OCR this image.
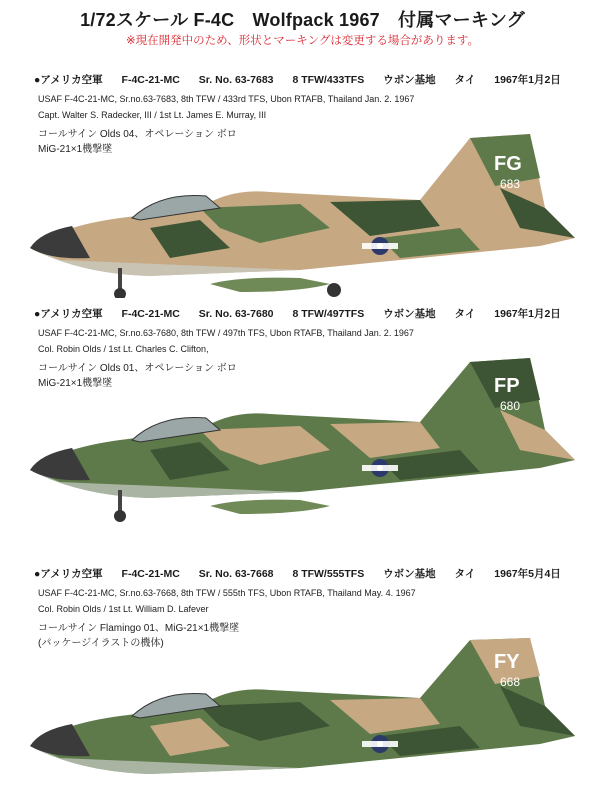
1/72スケール F-4C　Wolfpack 1967　付属マーキング
※現在開発中のため、形状とマーキングは変更する場合があります。
●アメリカ空軍 F-4C-21-MC Sr. No. 63-7683 8 TFW/433TFS ウボン基地 タイ 1967年1月2日
USAF F-4C-21-MC, Sr.no.63-7683, 8th TFW / 433rd TFS, Ubon RTAFB, Thailand Jan. 2. 1967
Capt. Walter S. Radecker, III / 1st Lt. James E. Murray, III
コールサイン Olds 04、オペレーション ボロ
MiG-21×1機撃墜
FG
683
●アメリカ空軍 F-4C-21-MC Sr. No. 63-7680 8 TFW/497TFS ウボン基地 タイ 1967年1月2日
USAF F-4C-21-MC, Sr.no.63-7680, 8th TFW / 497th TFS, Ubon RTAFB, Thailand Jan. 2. 1967
Col. Robin Olds / 1st Lt. Charles C. Clifton,
コールサイン Olds 01、オペレーション ボロ
MiG-21×1機撃墜	FP
680
●アメリカ空軍 F-4C-21-MC Sr. No. 63-7668 8 TFW/555TFS ウボン基地 タイ 1967年5月4日
USAF F-4C-21-MC, Sr.no.63-7668, 8th TFW / 555th TFS, Ubon RTAFB, Thailand May. 4. 1967
Col. Robin Olds / 1st Lt. William D. Lafever
コールサイン Flamingo 01、MiG-21×1機撃墜
(パッケージイラストの機体)
FY
668
